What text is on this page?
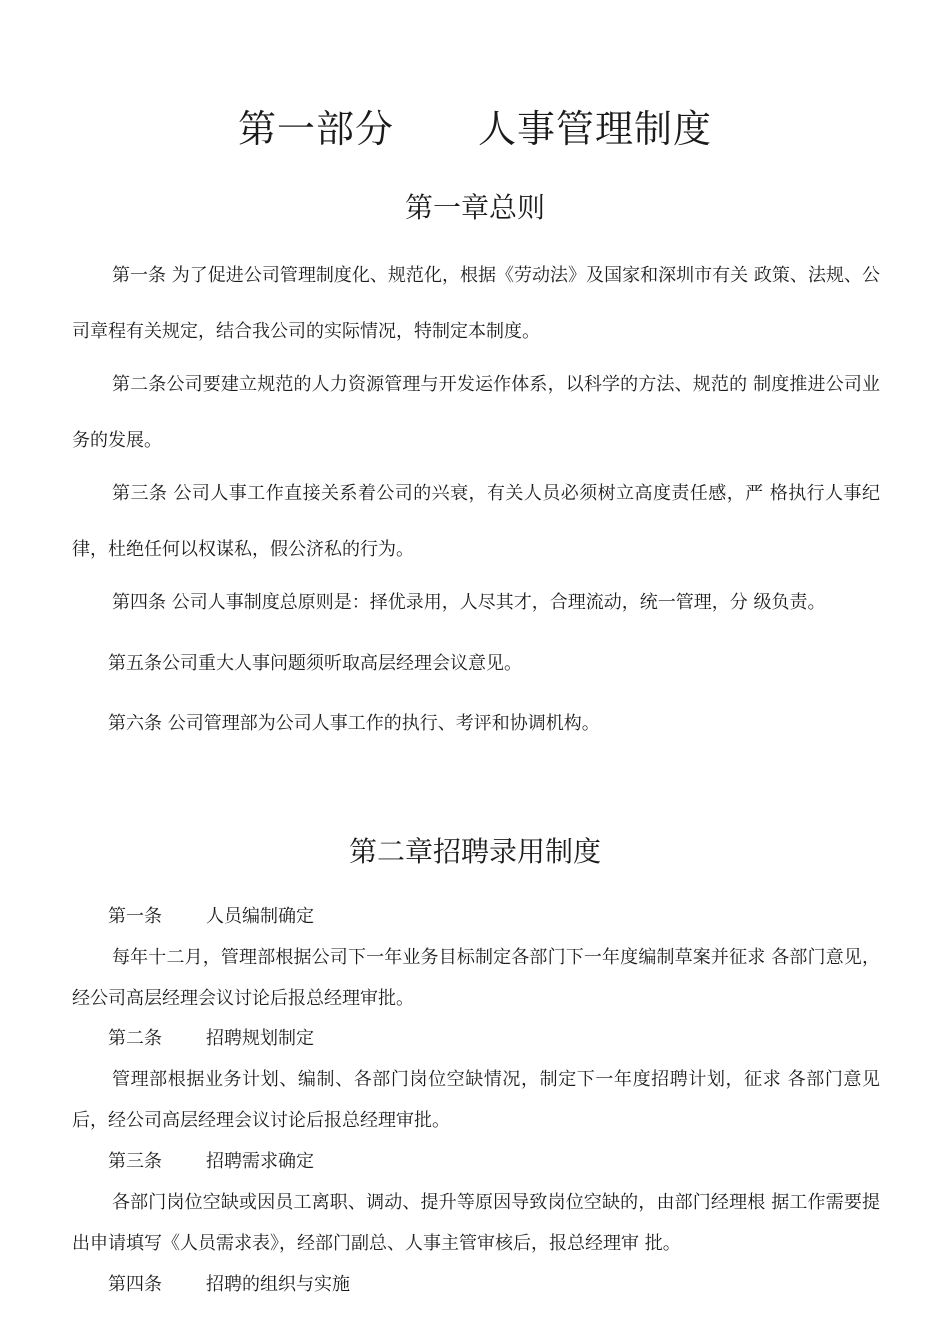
第一部分 人事管理制度
第一章总则

第一条 为了促进公司管理制度化、规范化，根据《劳动法》及国家和深圳市有关 政策、法规、公司章程有关规定，结合我公司的实际情况，特制定本制度。

第二条公司要建立规范的人力资源管理与开发运作体系，以科学的方法、规范的 制度推进公司业务的发展。

第三条 公司人事工作直接关系着公司的兴衰，有关人员必须树立高度责任感，严 格执行人事纪律，杜绝任何以权谋私，假公济私的行为。

第四条 公司人事制度总原则是：择优录用，人尽其才，合理流动，统一管理，分 级负责。

第五条公司重大人事问题须听取高层经理会议意见。

第六条 公司管理部为公司人事工作的执行、考评和协调机构。

第二章招聘录用制度
第一条 人员编制确定

每年十二月，管理部根据公司下一年业务目标制定各部门下一年度编制草案并征求 各部门意见，经公司高层经理会议讨论后报总经理审批。

第二条 招聘规划制定

管理部根据业务计划、编制、各部门岗位空缺情况，制定下一年度招聘计划，征求 各部门意见后，经公司高层经理会议讨论后报总经理审批。

第三条 招聘需求确定

各部门岗位空缺或因员工离职、调动、提升等原因导致岗位空缺的，由部门经理根 据工作需要提出申请填写《人员需求表》，经部门副总、人事主管审核后，报总经理审 批。

第四条 招聘的组织与实施
